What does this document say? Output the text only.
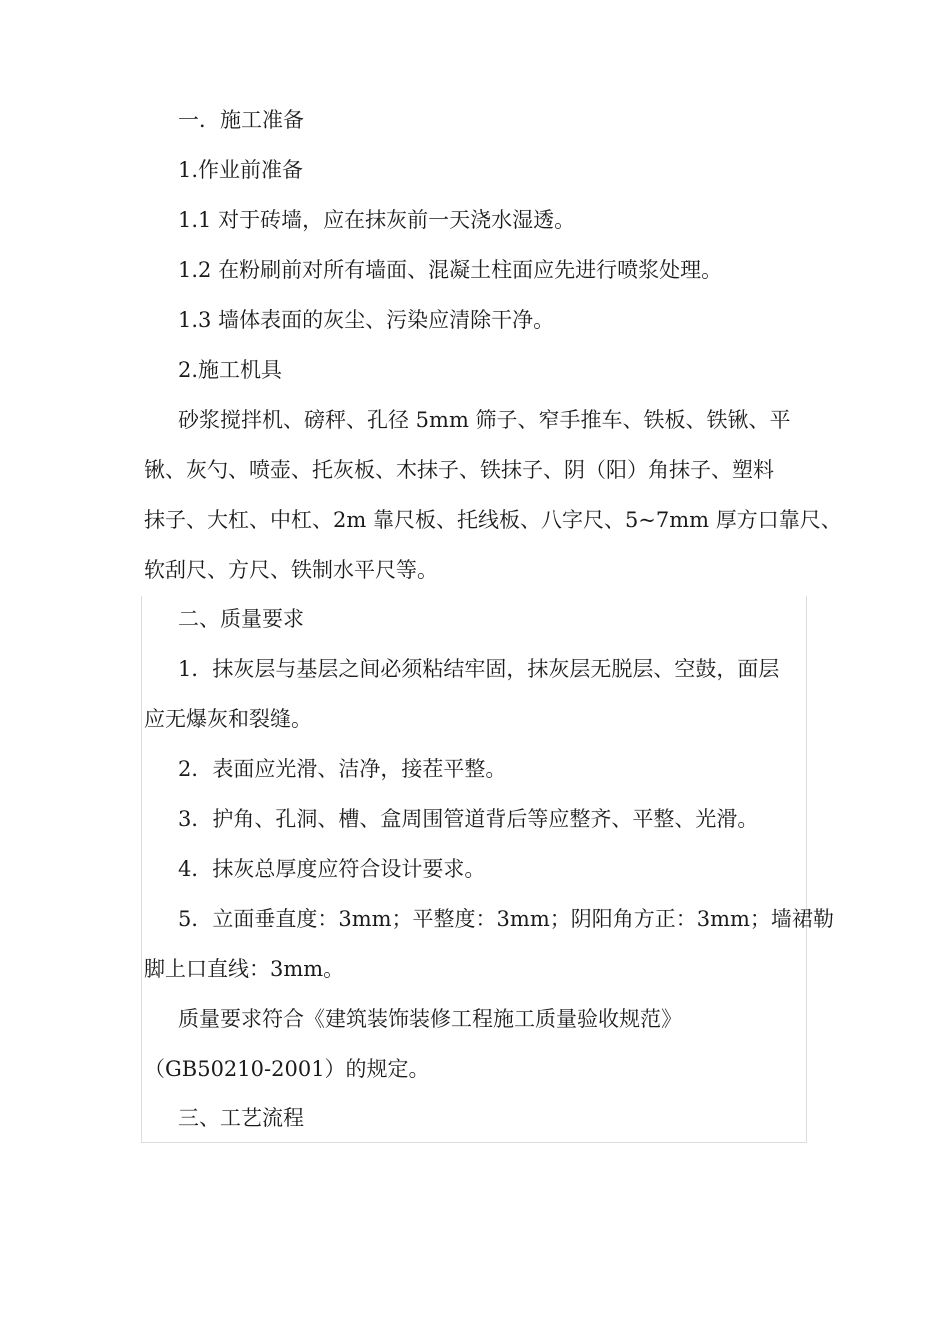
一．施工准备

1.作业前准备

1.1 对于砖墙，应在抹灰前一天浇水湿透。

1.2 在粉刷前对所有墙面、混凝土柱面应先进行喷浆处理。

1.3 墙体表面的灰尘、污染应清除干净。

2.施工机具

砂浆搅拌机、磅秤、孔径 5mm 筛子、窄手推车、铁板、铁锹、平

锹、灰勺、喷壶、托灰板、木抹子、铁抹子、阴（阳）角抹子、塑料

抹子、大杠、中杠、2m 靠尺板、托线板、八字尺、5~7mm 厚方口靠尺、

软刮尺、方尺、铁制水平尺等。

二、质量要求

1．抹灰层与基层之间必须粘结牢固，抹灰层无脱层、空鼓，面层

应无爆灰和裂缝。

2．表面应光滑、洁净，接茬平整。

3．护角、孔洞、槽、盒周围管道背后等应整齐、平整、光滑。

4．抹灰总厚度应符合设计要求。

5．立面垂直度：3mm；平整度：3mm；阴阳角方正：3mm；墙裙勒

脚上口直线：3mm。

质量要求符合《建筑装饰装修工程施工质量验收规范》

（GB50210-2001）的规定。

三、工艺流程
